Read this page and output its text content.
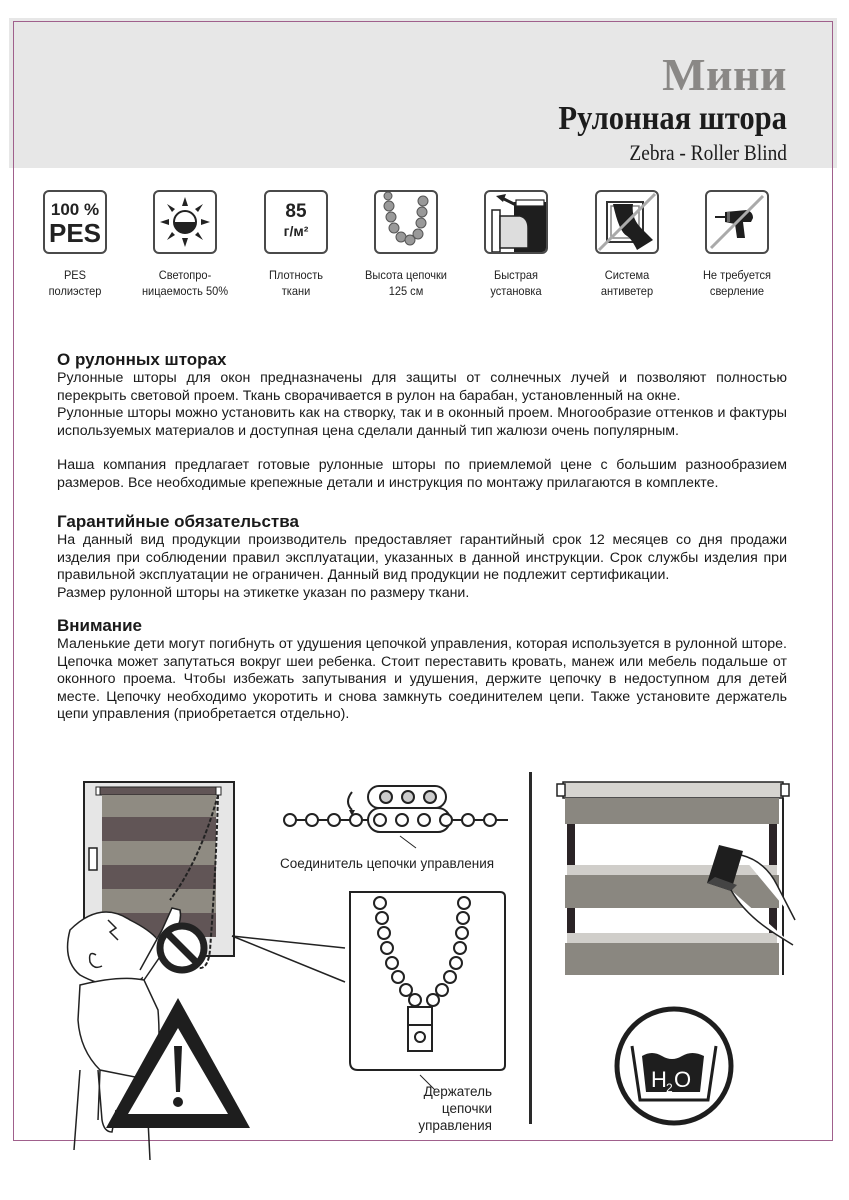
Мини
Рулонная штора
Zebra - Roller Blind
100 %
PES
PES
полиэстер
Светопро-
ницаемость 50%
85
г/м²
Плотность
ткани
Высота цепочки
125 см
Быстрая
установка
Система
антиветер
Не требуется
сверление
О рулонных шторах

Рулонные шторы для окон предназначены для защиты от солнечных лучей и позволяют полностью перекрыть световой проем. Ткань сворачивается в рулон на барабан, установленный на окне.

Рулонные шторы можно установить как на створку, так и в оконный проем. Многообразие оттенков и фактуры используемых материалов и доступная цена сделали данный тип жалюзи очень популярным.

Наша компания предлагает готовые рулонные шторы по приемлемой цене с большим разнообразием размеров. Все необходимые крепежные детали и инструкция по монтажу прилагаются в комплекте.

Гарантийные обязательства

На данный вид продукции производитель предоставляет гарантийный срок 12 месяцев со дня продажи изделия при соблюдении правил эксплуатации, указанных в данной инструкции. Срок службы изделия при правильной эксплуатации не ограничен. Данный вид продукции не подлежит сертификации.

Размер рулонной шторы на этикетке указан по размеру ткани.

Внимание

Маленькие дети могут погибнуть от удушения цепочкой управления, которая используется в рулонной шторе. Цепочка может запутаться вокруг шеи ребенка. Стоит переставить кровать, манеж или мебель подальше от оконного проема. Чтобы избежать запутывания и удушения, держите цепочку в недоступном для детей месте. Цепочку необходимо укоротить и снова замкнуть соединителем цепи. Также установите держатель цепи управления (приобретается отдельно).

Соединитель цепочки управления
Держатель
цепочки
управления
H 2 O
